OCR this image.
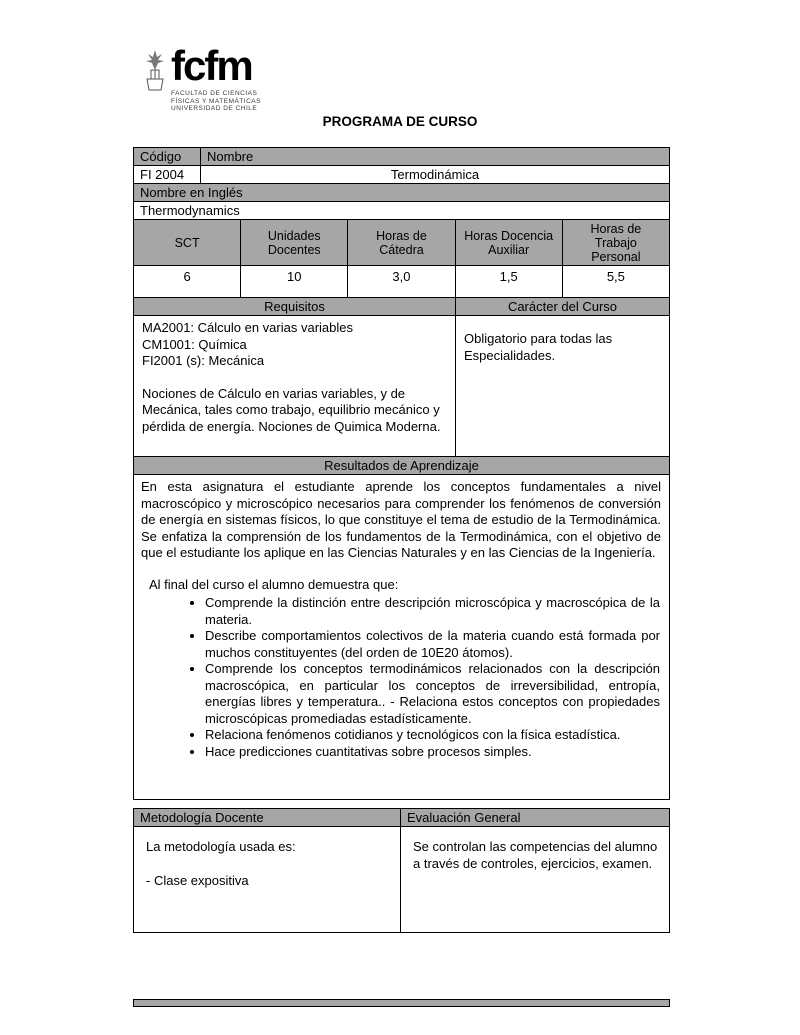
fcfm
FACULTAD DE CIENCIAS
FÍSICAS Y MATEMÁTICAS
UNIVERSIDAD DE CHILE
PROGRAMA DE CURSO
Código	Nombre
FI 2004	Termodinámica
Nombre en Inglés	
Thermodynamics	
SCT	Unidades Docentes	Horas de Cátedra	Horas Docencia Auxiliar	Horas de Trabajo Personal
6	10	3,0	1,5	5,5
Requisitos	Carácter del Curso

MA2001: Cálculo en varias variables
CM1001: Química
FI2001 (s): Mecánica
Nociones de Cálculo en varias variables, y de Mecánica, tales como trabajo, equilibrio mecánico y pérdida de energía. Nociones de Quimica Moderna.	Obligatorio para todas las Especialidades.
Resultados de Aprendizaje

En esta asignatura el estudiante aprende los conceptos fundamentales a nivel macroscópico y microscópico necesarios para comprender los fenómenos de conversión de energía en sistemas físicos, lo que constituye el tema de estudio de la Termodinámica. Se enfatiza la comprensión de los fundamentos de la Termodinámica, con el objetivo de que el estudiante los aplique en las Ciencias Naturales y en las Ciencias de la Ingeniería.

Al final del curso el alumno demuestra que:

• Comprende la distinción entre descripción microscópica y macroscópica de la materia.
• Describe comportamientos colectivos de la materia cuando está formada por muchos constituyentes (del orden de 10E20 átomos).
• Comprende los conceptos termodinámicos relacionados con la descripción macroscópica, en particular los conceptos de irreversibilidad, entropía, energías libres y temperatura.. - Relaciona estos conceptos con propiedades microscópicas promediadas estadísticamente.
• Relaciona fenómenos cotidianos y tecnológicos con la física estadística.
• Hace predicciones cuantitativas sobre procesos simples.
Metodología Docente	Evaluación General

La metodología usada es:
- Clase expositiva	Se controlan las competencias del alumno a través de controles, ejercicios, examen.
